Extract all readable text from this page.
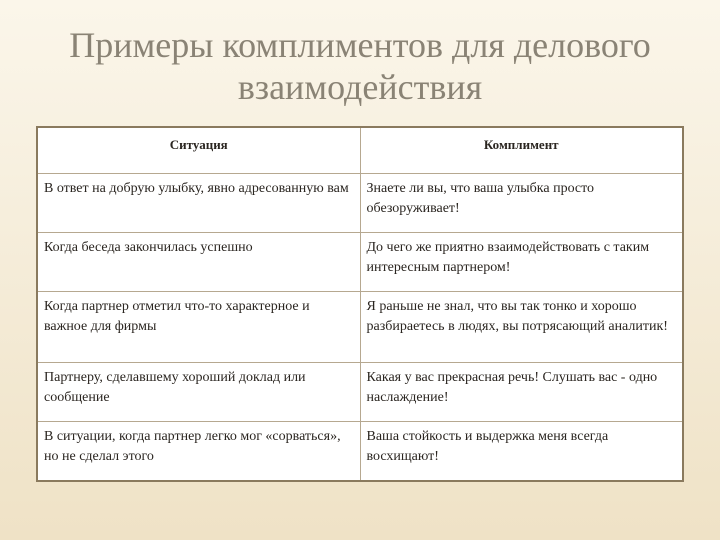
Примеры комплиментов для делового
взаимодействия
Ситуация	Комплимент
В ответ на добрую улыбку, явно адресованную вам	Знаете ли вы, что ваша улыбка просто обезоруживает!
Когда беседа закончилась успешно	До чего же приятно взаимодействовать с таким интересным партнером!
Когда партнер отметил что-то характерное и важное для фирмы	Я раньше не знал, что вы так тонко и хорошо разбираетесь в людях, вы потрясающий аналитик!
Партнеру, сделавшему хороший доклад или сообщение	Какая у вас прекрасная речь! Слушать вас - одно наслаждение!
В ситуации, когда партнер легко мог «сорваться», но не сделал этого	Ваша стойкость и выдержка меня всегда восхищают!
